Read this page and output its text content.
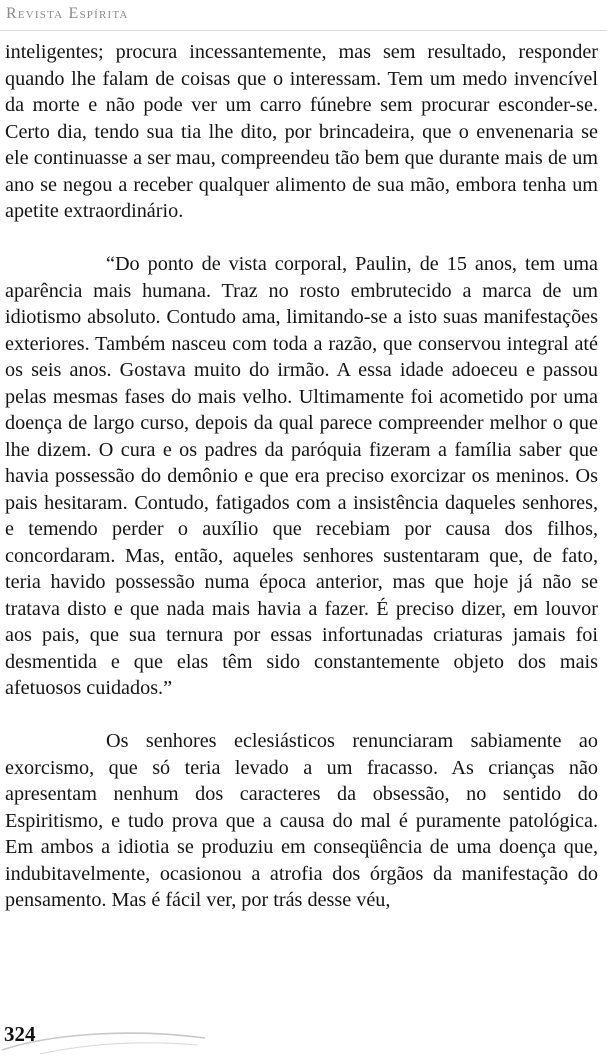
Revista Espírita

inteligentes; procura incessantemente, mas sem resultado, responder quando lhe falam de coisas que o interessam. Tem um medo invencível da morte e não pode ver um carro fúnebre sem procurar esconder-se. Certo dia, tendo sua tia lhe dito, por brincadeira, que o envenenaria se ele continuasse a ser mau, compreendeu tão bem que durante mais de um ano se negou a receber qualquer alimento de sua mão, embora tenha um apetite extraordinário.

“Do ponto de vista corporal, Paulin, de 15 anos, tem uma aparência mais humana. Traz no rosto embrutecido a marca de um idiotismo absoluto. Contudo ama, limitando-se a isto suas manifestações exteriores. Também nasceu com toda a razão, que conservou integral até os seis anos. Gostava muito do irmão. A essa idade adoeceu e passou pelas mesmas fases do mais velho. Ultimamente foi acometido por uma doença de largo curso, depois da qual parece compreender melhor o que lhe dizem. O cura e os padres da paróquia fizeram a família saber que havia possessão do demônio e que era preciso exorcizar os meninos. Os pais hesitaram. Contudo, fatigados com a insistência daqueles senhores, e temendo perder o auxílio que recebiam por causa dos filhos, concordaram. Mas, então, aqueles senhores sustentaram que, de fato, teria havido possessão numa época anterior, mas que hoje já não se tratava disto e que nada mais havia a fazer. É preciso dizer, em louvor aos pais, que sua ternura por essas infortunadas criaturas jamais foi desmentida e que elas têm sido constantemente objeto dos mais afetuosos cuidados.”

Os senhores eclesiásticos renunciaram sabiamente ao exorcismo, que só teria levado a um fracasso. As crianças não apresentam nenhum dos caracteres da obsessão, no sentido do Espiritismo, e tudo prova que a causa do mal é puramente patológica. Em ambos a idiotia se produziu em conseqüência de uma doença que, indubitavelmente, ocasionou a atrofia dos órgãos da manifestação do pensamento. Mas é fácil ver, por trás desse véu,

324
